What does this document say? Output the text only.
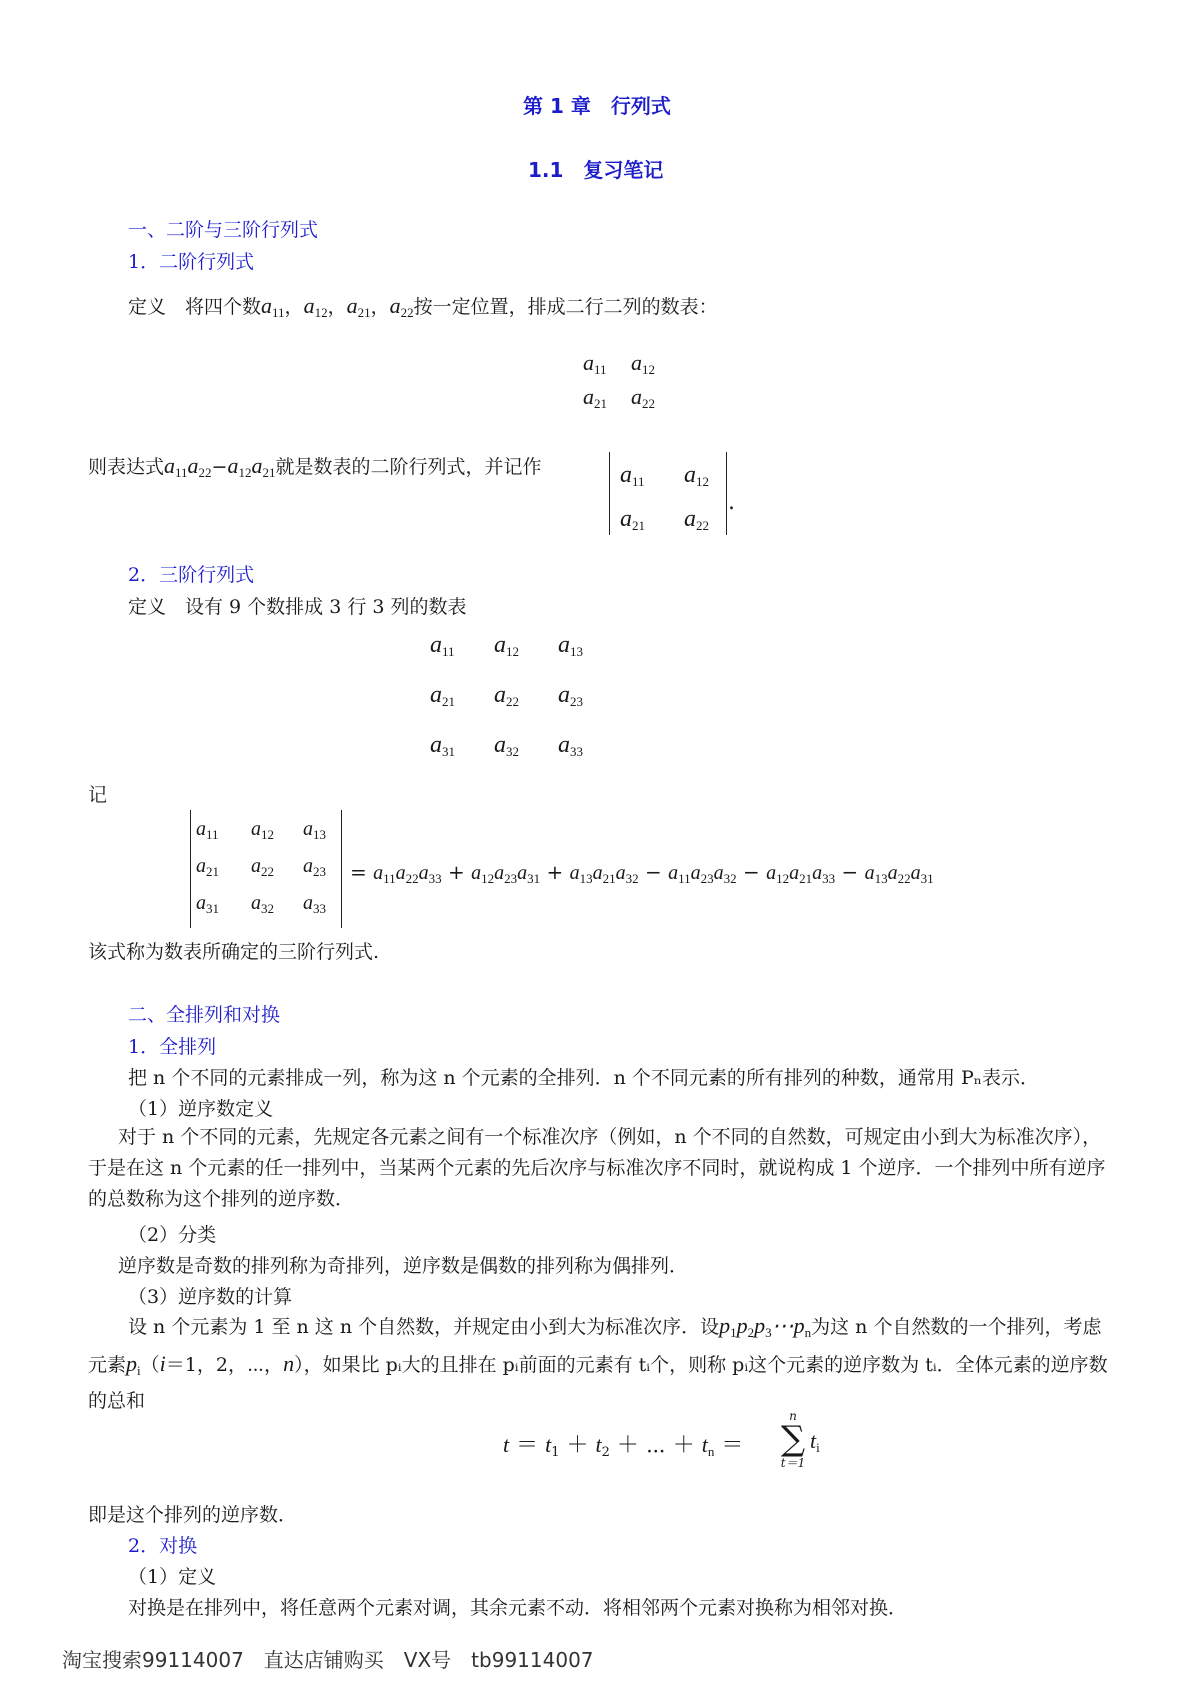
第 1 章　行列式
1.1　复习笔记
一、二阶与三阶行列式
1．二阶行列式
定义　将四个数$a_{11}$，$a_{12}$，$a_{21}$，$a_{22}$按一定位置，排成二行二列的数表：
$a_{11}$	$a_{12}$
$a_{21}$	$a_{22}$
则表达式$a_{11}a_{22}-a_{12}a_{21}$就是数表的二阶行列式，并记作	$a_{11}$	$a_{12}$
$a_{21}$	$a_{22}$
.
2．三阶行列式
定义　设有 9 个数排成 3 行 3 列的数表
$a_{11}$	$a_{12}$	$a_{13}$
$a_{21}$	$a_{22}$	$a_{23}$
$a_{31}$	$a_{32}$	$a_{33}$
记
$a_{11}$	$a_{12}$	$a_{13}$
$a_{21}$	$a_{22}$	$a_{23}$
$a_{31}$	$a_{32}$	$a_{33}$
= $a_{11}a_{22}a_{33} + a_{12}a_{23}a_{31} + a_{13}a_{21}a_{32} - a_{11}a_{23}a_{32} - a_{12}a_{21}a_{33} - a_{13}a_{22}a_{31}$
该式称为数表所确定的三阶行列式.
二、全排列和对换
1．全排列
把 n 个不同的元素排成一列，称为这 n 个元素的全排列．n 个不同元素的所有排列的种数，通常用 Pₙ表示．
（1）逆序数定义
对于 n 个不同的元素，先规定各元素之间有一个标准次序（例如，n 个不同的自然数，可规定由小到大为标准次序），于是在这 n 个元素的任一排列中，当某两个元素的先后次序与标准次序不同时，就说构成 1 个逆序．一个排列中所有逆序的总数称为这个排列的逆序数．
（2）分类
逆序数是奇数的排列称为奇排列，逆序数是偶数的排列称为偶排列．
（3）逆序数的计算
设 n 个元素为 1 至 n 这 n 个自然数，并规定由小到大为标准次序．设$p_1p_2p_3\cdots p_n$为这 n 个自然数的一个排列，考虑元素$p_i(i=1$，2，⋯，n），如果比 pᵢ大的且排在 pᵢ前面的元素有 tᵢ个，则称 pᵢ这个元素的逆序数为 tᵢ．全体元素的逆序数的总和
$t = t_1 + t_2$ ＋ ⋯ ＋ $t_n$ ＝
n
∑
t＝1
$t_i$
即是这个排列的逆序数．
2．对换
（1）定义
对换是在排列中，将任意两个元素对调，其余元素不动．将相邻两个元素对换称为相邻对换．
淘宝搜索99114007　直达店铺购买　VX号　tb99114007
